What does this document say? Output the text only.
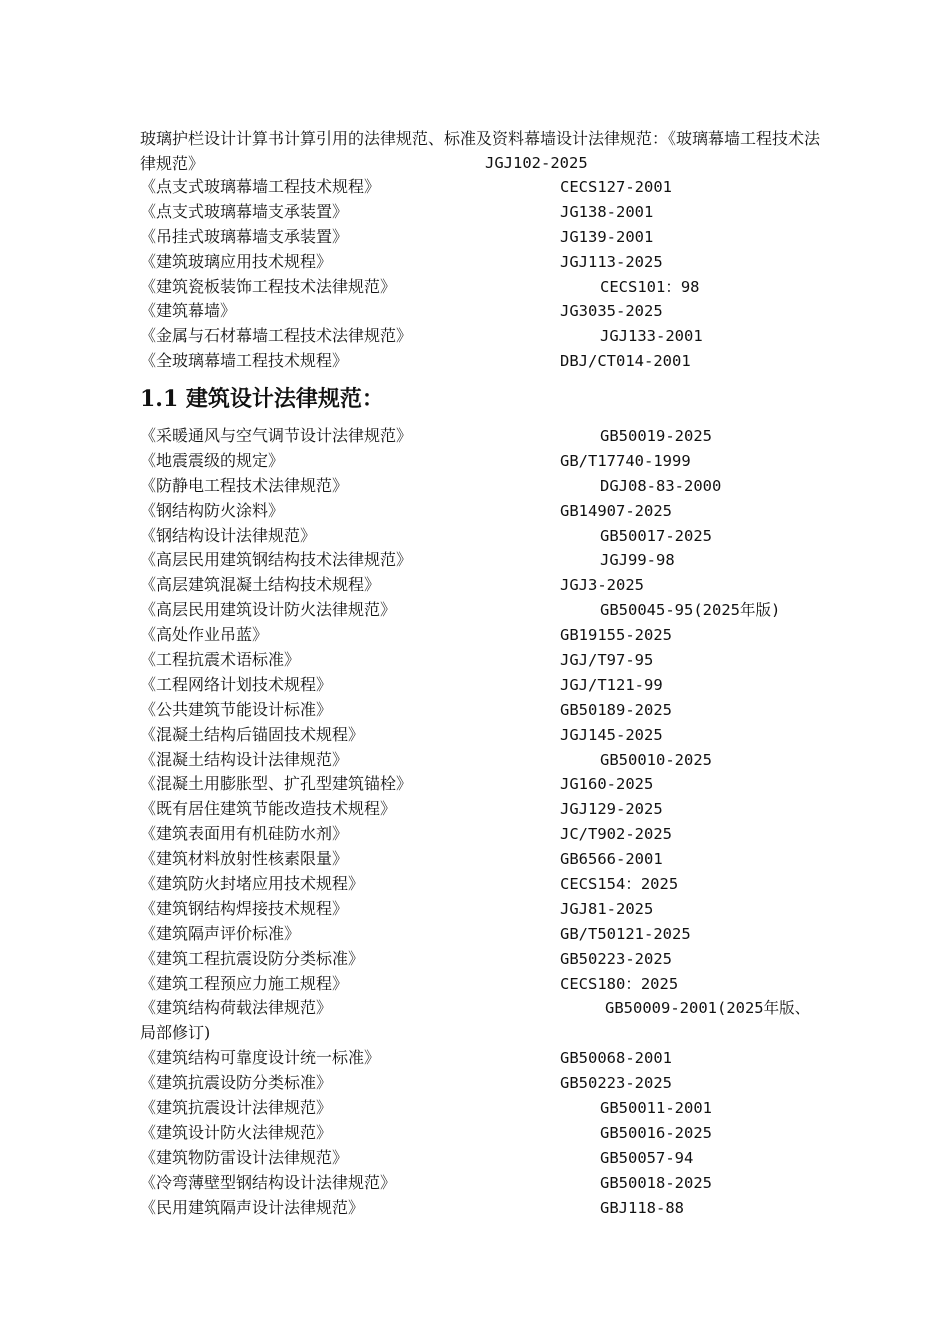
玻璃护栏设计计算书计算引用的法律规范、标准及资料幕墙设计法律规范：《玻璃幕墙工程技术法律规范》	JGJ102-2025

《点支式玻璃幕墙工程技术规程》	CECS127-2001
《点支式玻璃幕墙支承装置》	JG138-2001
《吊挂式玻璃幕墙支承装置》	JG139-2001
《建筑玻璃应用技术规程》	JGJ113-2025
《建筑瓷板装饰工程技术法律规范》	CECS101：98
《建筑幕墙》	JG3035-2025
《金属与石材幕墙工程技术法律规范》	JGJ133-2001
《全玻璃幕墙工程技术规程》	DBJ/CT014-2001
1.1 建筑设计法律规范：
《采暖通风与空气调节设计法律规范》	GB50019-2025
《地震震级的规定》	GB/T17740-1999
《防静电工程技术法律规范》	DGJ08-83-2000
《钢结构防火涂料》	GB14907-2025
《钢结构设计法律规范》	GB50017-2025
《高层民用建筑钢结构技术法律规范》	JGJ99-98
《高层建筑混凝土结构技术规程》	JGJ3-2025
《高层民用建筑设计防火法律规范》	GB50045-95(2025年版)
《高处作业吊蓝》	GB19155-2025
《工程抗震术语标准》	JGJ/T97-95
《工程网络计划技术规程》	JGJ/T121-99
《公共建筑节能设计标准》	GB50189-2025
《混凝土结构后锚固技术规程》	JGJ145-2025
《混凝土结构设计法律规范》	GB50010-2025
《混凝土用膨胀型、扩孔型建筑锚栓》	JG160-2025
《既有居住建筑节能改造技术规程》	JGJ129-2025
《建筑表面用有机硅防水剂》	JC/T902-2025
《建筑材料放射性核素限量》	GB6566-2001
《建筑防火封堵应用技术规程》	CECS154：2025
《建筑钢结构焊接技术规程》	JGJ81-2025
《建筑隔声评价标准》	GB/T50121-2025
《建筑工程抗震设防分类标准》	GB50223-2025
《建筑工程预应力施工规程》	CECS180：2025
《建筑结构荷载法律规范》	GB50009-2001(2025年版、
局部修订)
《建筑结构可靠度设计统一标准》	GB50068-2001
《建筑抗震设防分类标准》	GB50223-2025
《建筑抗震设计法律规范》	GB50011-2001
《建筑设计防火法律规范》	GB50016-2025
《建筑物防雷设计法律规范》	GB50057-94
《冷弯薄壁型钢结构设计法律规范》	GB50018-2025
《民用建筑隔声设计法律规范》	GBJ118-88
